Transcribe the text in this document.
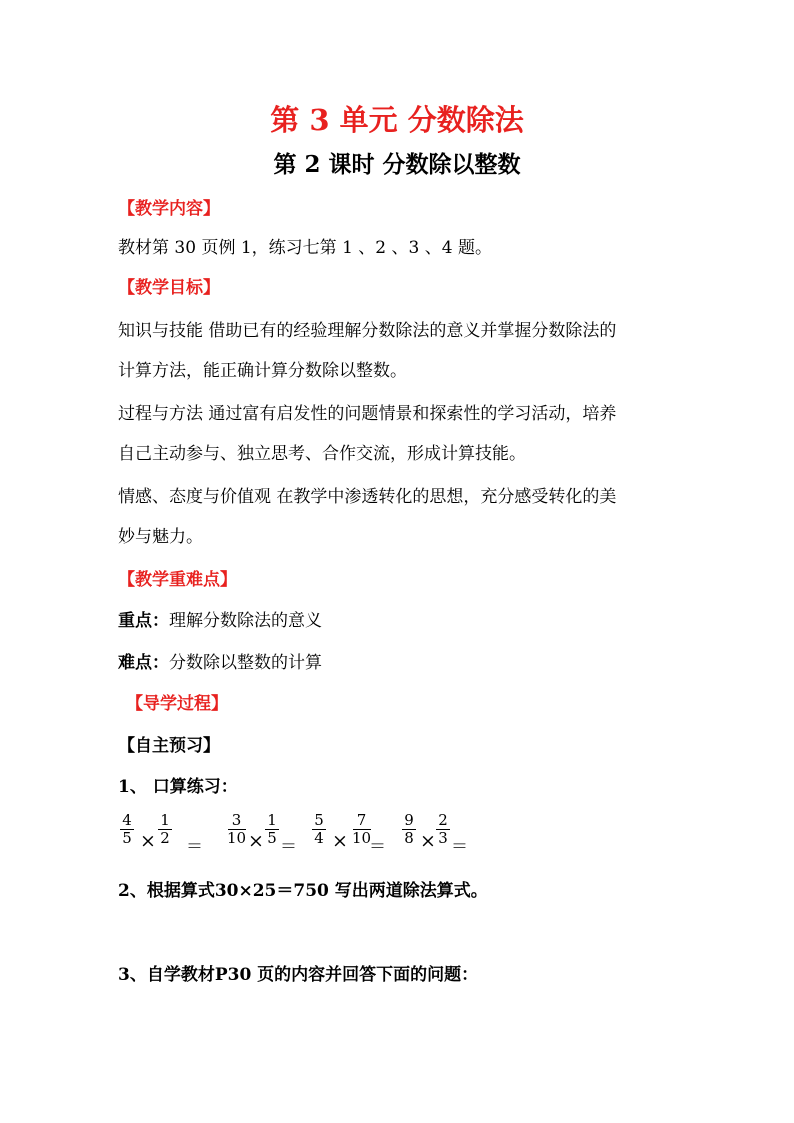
第 3 单元 分数除法
第 2 课时 分数除以整数
【教学内容】
教材第 30 页例 1，练习七第 1 、2 、3 、4 题。
【教学目标】
知识与技能 借助已有的经验理解分数除法的意义并掌握分数除法的
计算方法，能正确计算分数除以整数。
过程与方法 通过富有启发性的问题情景和探索性的学习活动，培养
自己主动参与、独立思考、合作交流，形成计算技能。
情感、态度与价值观 在教学中渗透转化的思想，充分感受转化的美
妙与魅力。
【教学重难点】
重点：理解分数除法的意义
难点：分数除以整数的计算
【导学过程】
【自主预习】
1、 口算练习：
4
5 ×
1
2 ＝
3
10 ×
1
5 ＝
5
4 ×
7
10
＝
9
8 ×
2
3 ＝
2、根据算式30×25＝750 写出两道除法算式。
3、自学教材P30 页的内容并回答下面的问题：
